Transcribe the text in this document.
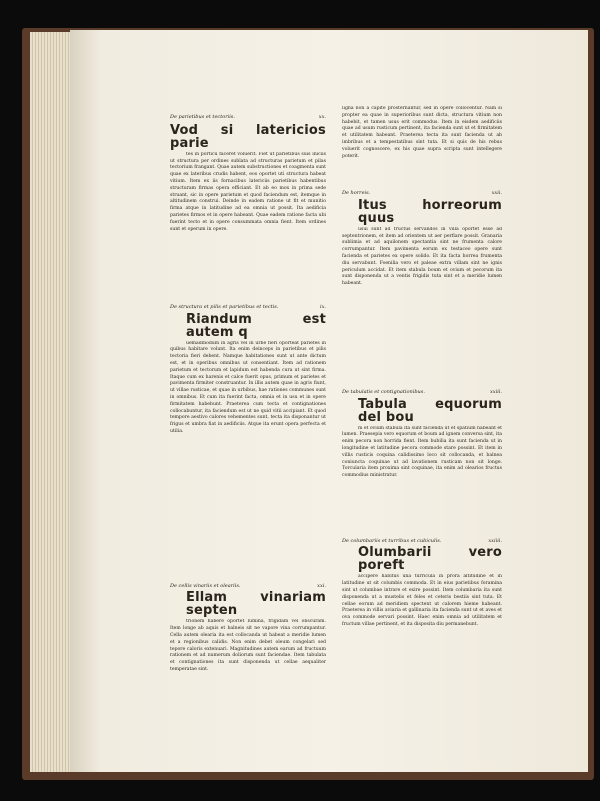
De parietibus et tectoriis.	xx.
Vod si latericios parie
tes in porticu faceret voluerit. Fiet ut parietibus suis iniciis ut structura per ordines sublata ad structuras parietum et pilas tectorium frangant. Quae autem substructiones et coagmenta sunt quae ex lateribus crudis habent, eos oportet uti structura habeat vitium. Item ex iis fornacibus latericiis parietibus habentibus structuram firmas opera efficiant. Et ab eo mox in prima sede struant, sic in opere parietum et quod faciendum est, itemque in altitudinem construi. Deinde in eadem ratione ut fit et munitio firma atque in latitudine ad ea omnia ut possit. Ita aedificia parietes firmos et in opere habeant. Quae eadem ratione facta ubi fuerint tecto et in opere consummata omnia fient. Item ordines sunt et operum in opere.
De structura et pilis et parietibus et tectis.	ix.
Riandum est autem q
uemadmodum in agris vel in urbe fieri oporteat parietes in quibus habitare volunt. Ita enim deinceps in parietibus et pilis tectoria fieri debent. Namque habitationes sunt ut ante dictum est, et in operibus omnibus ut consentiant. Item ad rationem parietum et tectorum et lapidum est habenda cura ut sint firma. Itaque cum ex harenis et calce fuerit opus, primum et parietes et pavimenta firmiter construantur. In illis autem quae in agris fiunt, ut villae rusticae, et quae in urbibus, hae rationes communes sunt in omnibus. Et cum ita fuerint facta, omnia et in usu et in opere firmitatem habebunt. Praeterea cum tecta et contignationes collocabuntur, ita faciendum est ut ne quid vitii accipiant. Et quod tempore aestivo calores vehementes sunt, tecta ita disponantur ut frigus et umbra fiat in aedificiis. Atque ita erunt opera perfecta et utilia.
De cellis vinariis et oleariis.	xxi.
Ellam vinariam septen
trionem habere oportet lumina, frigidam vel obscuram. Item longe ab aquis et balneis sit ne vapore vina corrumpantur. Cella autem olearia ita est collocanda ut habeat a meridie lumen et a regionibus calidis. Non enim debet oleum congelari sed tepore caloris extenuari. Magnitudines autem earum ad fructuum rationem et ad numerum doliorum sunt faciendae. Item tabulata et contignationes ita sunt disponenda ut cellae aequaliter temperatae sint.
ligna non a capite prosternantur, sed in opere collocentur. Nam si propter ea quae in superioribus sunt dicta, structura vitium non habebit, et tamen usus erit commodus. Item in eisdem aedificiis quae ad usum rusticum pertinent, ita facienda sunt ut et firmitatem et utilitatem habeant. Praeterea tecta ita sunt facienda ut ab imbribus et a tempestatibus sint tuta. Et si quis de his rebus voluerit cognoscere, ex his quae supra scripta sunt intellegere poterit.
De horreis.	xxii.
Itus horreorum quus
usui sunt ad fructus servandos in villa oportet esse ad septentrionem, et item ad orientem ut aer perflare possit. Granaria sublimia et ad aquilonem spectantia sint ne frumenta calore corrumpantur. Item pavimenta eorum ex testaceo opere sunt facienda et parietes ex opere solido. Et ita facta horrea frumenta diu servabunt. Foenilia vero et paleae extra villam sint ne ignis periculum accidat. Et item stabula boum et ovium et pecorum ita sunt disponenda ut a ventis frigidis tuta sint et a meridie lumen habeant.
De tabulatis et contignationibus.	xxiii.
Tabula equorum del bou
m et ovium stabula ita sunt facienda ut et spatium habeant et lumen. Praesepia vero equorum et boum ad ignem conversa sint, ita enim pecora non horrida fient. Item bubilia ita sunt facienda ut in longitudine et latitudine pecora commode stare possint. Et item in villis rusticis coquina calidissimo loco sit collocanda, et balnea coniuncta coquinae ut ad lavationem rusticam non sit longe. Torcularia item proxima sint coquinae, ita enim ad olearios fructus commodius ministratur.
De columbariis et turribus et cubiculis.	xxiiii.
Olumbarii vero poreft
accipere habitus una turricula in prora altitudine et in latitudine ut sit columbis commoda. Et in eius parietibus foramina sint ut columbae intrare et exire possint. Item columbaria ita sunt disponenda ut a mustelis et feles et ceteris bestiis sint tuta. Et cellae eorum ad meridiem spectent ut calorem hieme habeant. Praeterea in villis aviaria et gallinaria ita facienda sunt ut et aves et ova commode servari possint. Haec enim omnia ad utilitatem et fructum villae pertinent, et ita disposita diu permanebunt.
